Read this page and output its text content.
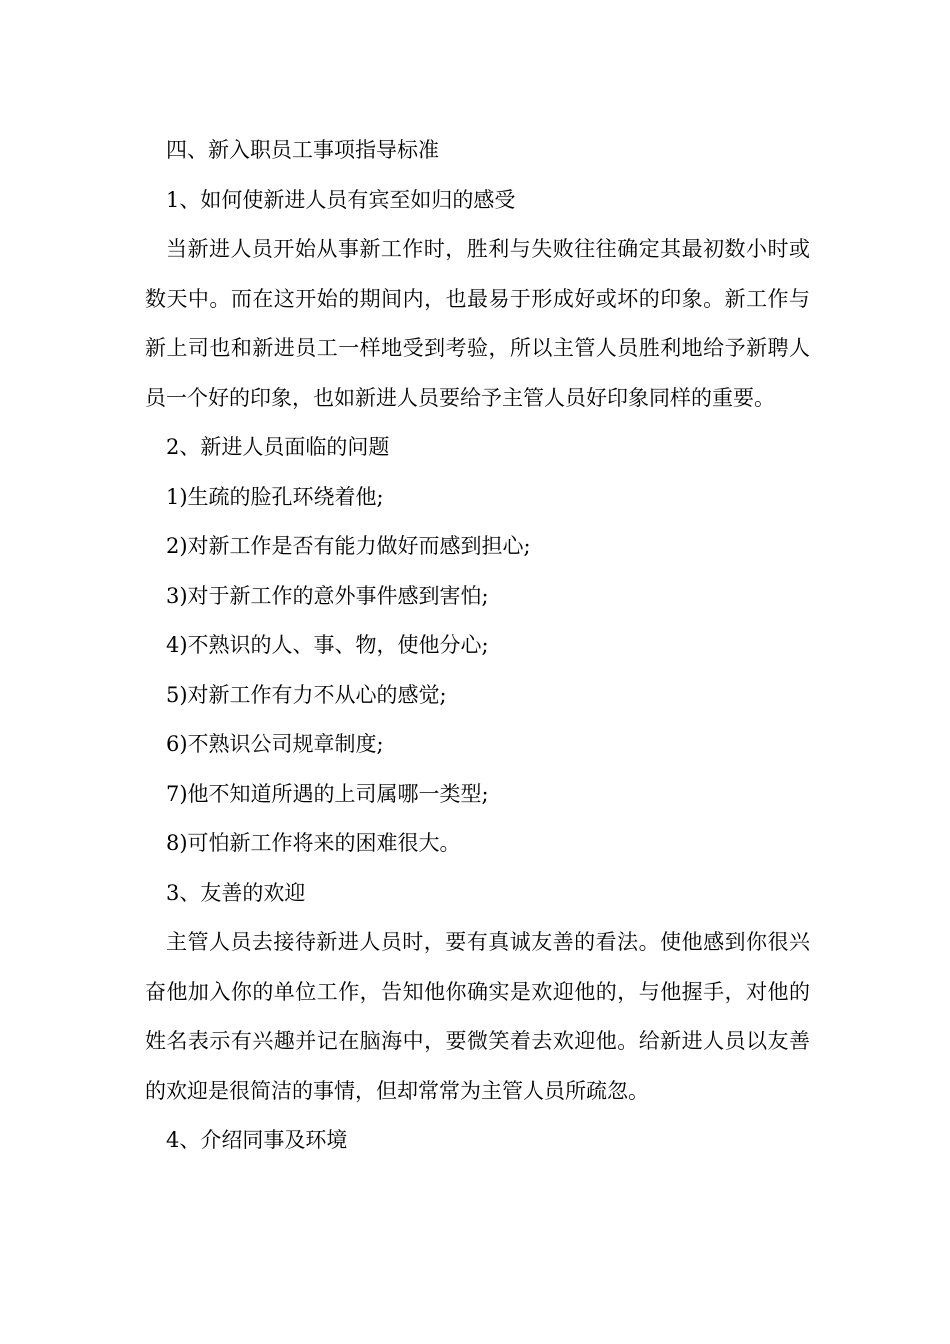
四、新入职员工事项指导标准

1、如何使新进人员有宾至如归的感受

当新进人员开始从事新工作时，胜利与失败往往确定其最初数小时或数天中。而在这开始的期间内，也最易于形成好或坏的印象。新工作与新上司也和新进员工一样地受到考验，所以主管人员胜利地给予新聘人员一个好的印象，也如新进人员要给予主管人员好印象同样的重要。

2、新进人员面临的问题

1)生疏的脸孔环绕着他;

2)对新工作是否有能力做好而感到担心;

3)对于新工作的意外事件感到害怕;

4)不熟识的人、事、物，使他分心;

5)对新工作有力不从心的感觉;

6)不熟识公司规章制度;

7)他不知道所遇的上司属哪一类型;

8)可怕新工作将来的困难很大。

3、友善的欢迎

主管人员去接待新进人员时，要有真诚友善的看法。使他感到你很兴奋他加入你的单位工作，告知他你确实是欢迎他的，与他握手，对他的姓名表示有兴趣并记在脑海中，要微笑着去欢迎他。给新进人员以友善的欢迎是很简洁的事情，但却常常为主管人员所疏忽。

4、介绍同事及环境
